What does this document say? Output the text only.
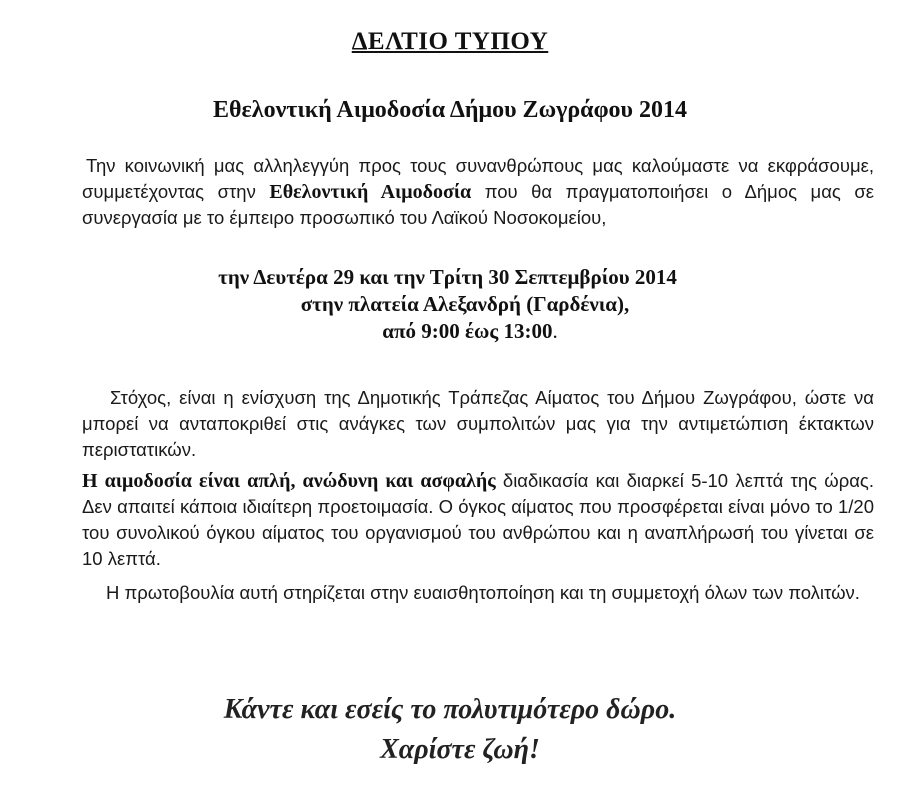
ΔΕΛΤΙΟ ΤΥΠΟΥ
Εθελοντική Αιμοδοσία Δήμου Ζωγράφου 2014
Την κοινωνική μας αλληλεγγύη προς τους συνανθρώπους μας καλούμαστε να εκφράσουμε, συμμετέχοντας στην Εθελοντική Αιμοδοσία που θα πραγματοποιήσει ο Δήμος μας σε συνεργασία με το έμπειρο προσωπικό του Λαϊκού Νοσοκομείου,
την Δευτέρα 29 και την Τρίτη 30 Σεπτεμβρίου 2014
στην πλατεία Αλεξανδρή (Γαρδένια),
από 9:00 έως 13:00.
Στόχος, είναι η ενίσχυση της Δημοτικής Τράπεζας Αίματος του Δήμου Ζωγράφου, ώστε να μπορεί να ανταποκριθεί στις ανάγκες των συμπολιτών μας για την αντιμετώπιση έκτακτων περιστατικών.
Η αιμοδοσία είναι απλή, ανώδυνη και ασφαλής διαδικασία και διαρκεί 5-10 λεπτά της ώρας. Δεν απαιτεί κάποια ιδιαίτερη προετοιμασία. Ο όγκος αίματος που προσφέρεται είναι μόνο το 1/20 του συνολικού όγκου αίματος του οργανισμού του ανθρώπου και η αναπλήρωσή του γίνεται σε 10 λεπτά.
Η πρωτοβουλία αυτή στηρίζεται στην ευαισθητοποίηση και τη συμμετοχή όλων των πολιτών.
Κάντε και εσείς το πολυτιμότερο δώρο.
Χαρίστε ζωή!
